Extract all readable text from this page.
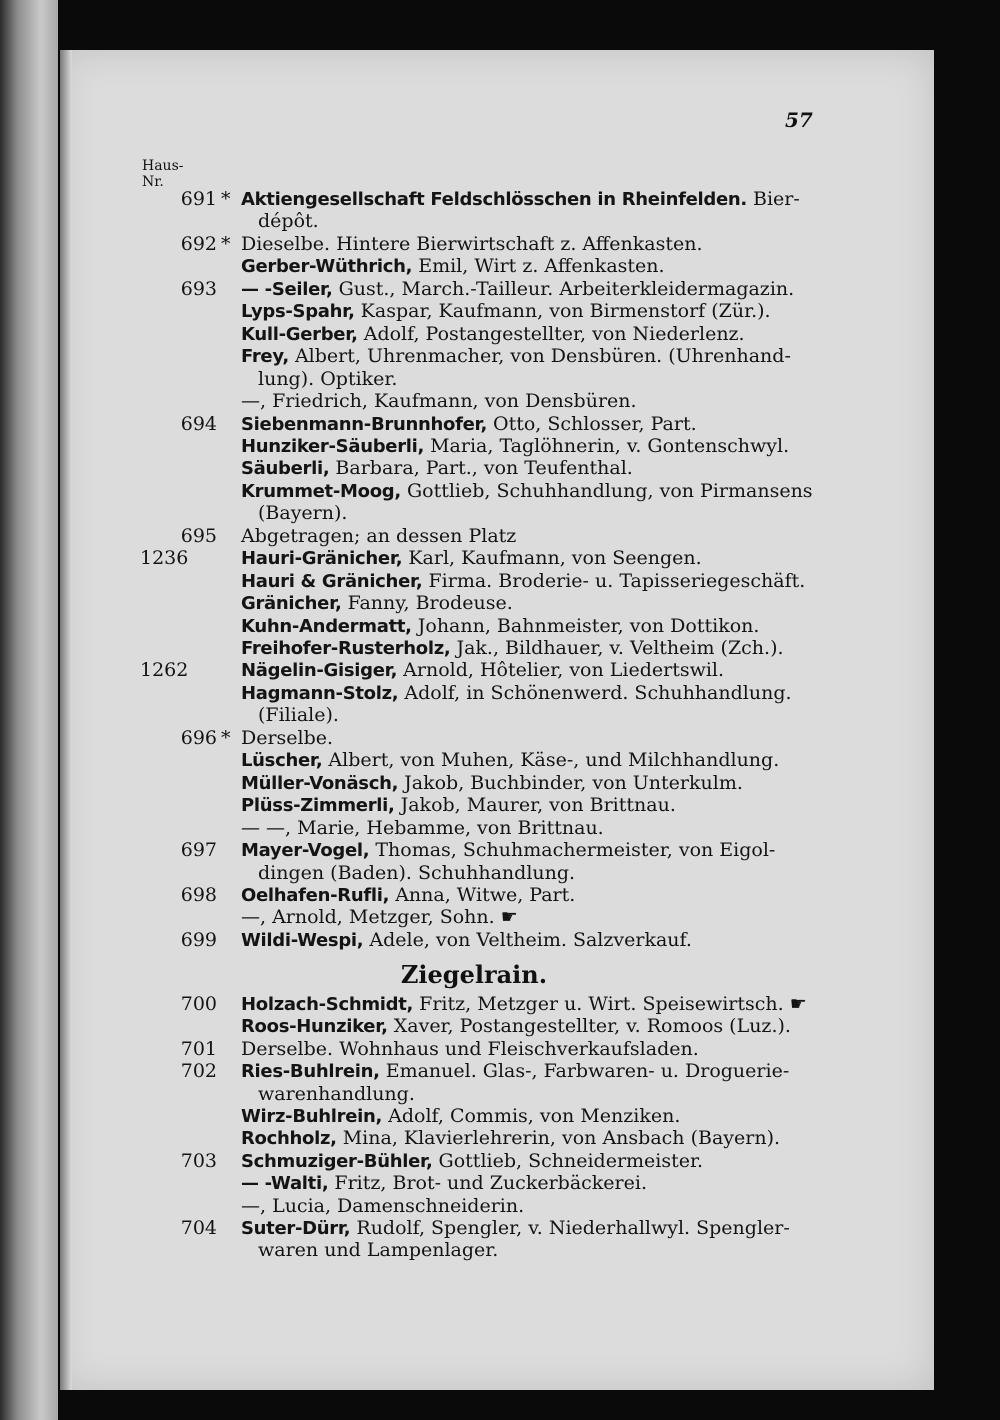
57
Haus-
Nr.
691 * Aktiengesellschaft Feldschlösschen in Rheinfelden. Bier-
dépôt.
692 * Dieselbe. Hintere Bierwirtschaft z. Affenkasten.
Gerber-Wüthrich, Emil, Wirt z. Affenkasten.
693 — -Seiler, Gust., March.-Tailleur. Arbeiterkleidermagazin.
Lyps-Spahr, Kaspar, Kaufmann, von Birmenstorf (Zür.).
Kull-Gerber, Adolf, Postangestellter, von Niederlenz.
Frey, Albert, Uhrenmacher, von Densbüren. (Uhrenhand-
lung). Optiker.
—, Friedrich, Kaufmann, von Densbüren.
694 Siebenmann-Brunnhofer, Otto, Schlosser, Part.
Hunziker-Säuberli, Maria, Taglöhnerin, v. Gontenschwyl.
Säuberli, Barbara, Part., von Teufenthal.
Krummet-Moog, Gottlieb, Schuhhandlung, von Pirmansens
(Bayern).
695 Abgetragen; an dessen Platz
1236	Hauri-Gränicher, Karl, Kaufmann, von Seengen.
Hauri & Gränicher, Firma. Broderie- u. Tapisseriegeschäft.
Gränicher, Fanny, Brodeuse.
Kuhn-Andermatt, Johann, Bahnmeister, von Dottikon.
Freihofer-Rusterholz, Jak., Bildhauer, v. Veltheim (Zch.).
1262	Nägelin-Gisiger, Arnold, Hôtelier, von Liedertswil.
Hagmann-Stolz, Adolf, in Schönenwerd. Schuhhandlung.
(Filiale).
696 * Derselbe.
Lüscher, Albert, von Muhen, Käse-, und Milchhandlung.
Müller-Vonäsch, Jakob, Buchbinder, von Unterkulm.
Plüss-Zimmerli, Jakob, Maurer, von Brittnau.
— —, Marie, Hebamme, von Brittnau.
697 Mayer-Vogel, Thomas, Schuhmachermeister, von Eigol-
dingen (Baden). Schuhhandlung.
698 Oelhafen-Rufli, Anna, Witwe, Part.
—, Arnold, Metzger, Sohn. ☛
699 Wildi-Wespi, Adele, von Veltheim. Salzverkauf.
Ziegelrain.
700 Holzach-Schmidt, Fritz, Metzger u. Wirt. Speisewirtsch. ☛
Roos-Hunziker, Xaver, Postangestellter, v. Romoos (Luz.).
701 Derselbe. Wohnhaus und Fleischverkaufsladen.
702 Ries-Buhlrein, Emanuel. Glas-, Farbwaren- u. Droguerie-
warenhandlung.
Wirz-Buhlrein, Adolf, Commis, von Menziken.
Rochholz, Mina, Klavierlehrerin, von Ansbach (Bayern).
703 Schmuziger-Bühler, Gottlieb, Schneidermeister.
— -Walti, Fritz, Brot- und Zuckerbäckerei.
—, Lucia, Damenschneiderin.
704 Suter-Dürr, Rudolf, Spengler, v. Niederhallwyl. Spengler-
waren und Lampenlager.
